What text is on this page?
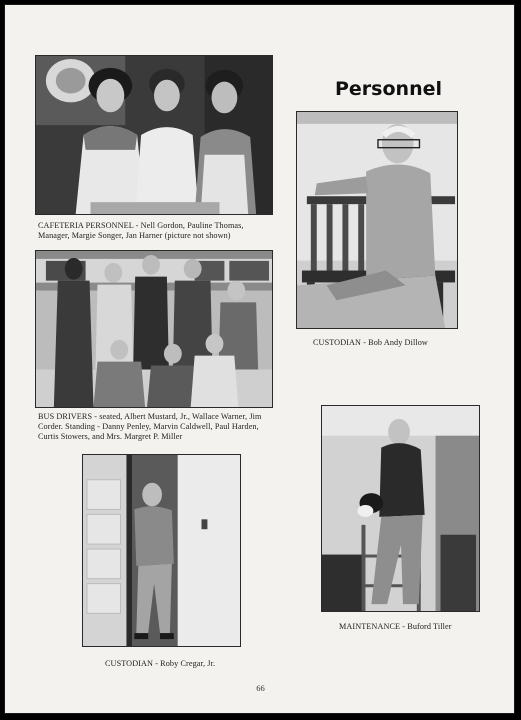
Personnel
CAFETERIA PERSONNEL - Nell Gordon, Pauline Thomas, Manager, Margie Songer, Jan Harner (picture not shown)
CUSTODIAN - Bob Andy Dillow
BUS DRIVERS - seated, Albert Mustard, Jr., Wallace Warner, Jim Corder. Standing - Danny Penley, Marvin Caldwell, Paul Harden, Curtis Stowers, and Mrs. Margret P. Miller
MAINTENANCE - Buford Tiller
CUSTODIAN - Roby Cregar, Jr.
66
